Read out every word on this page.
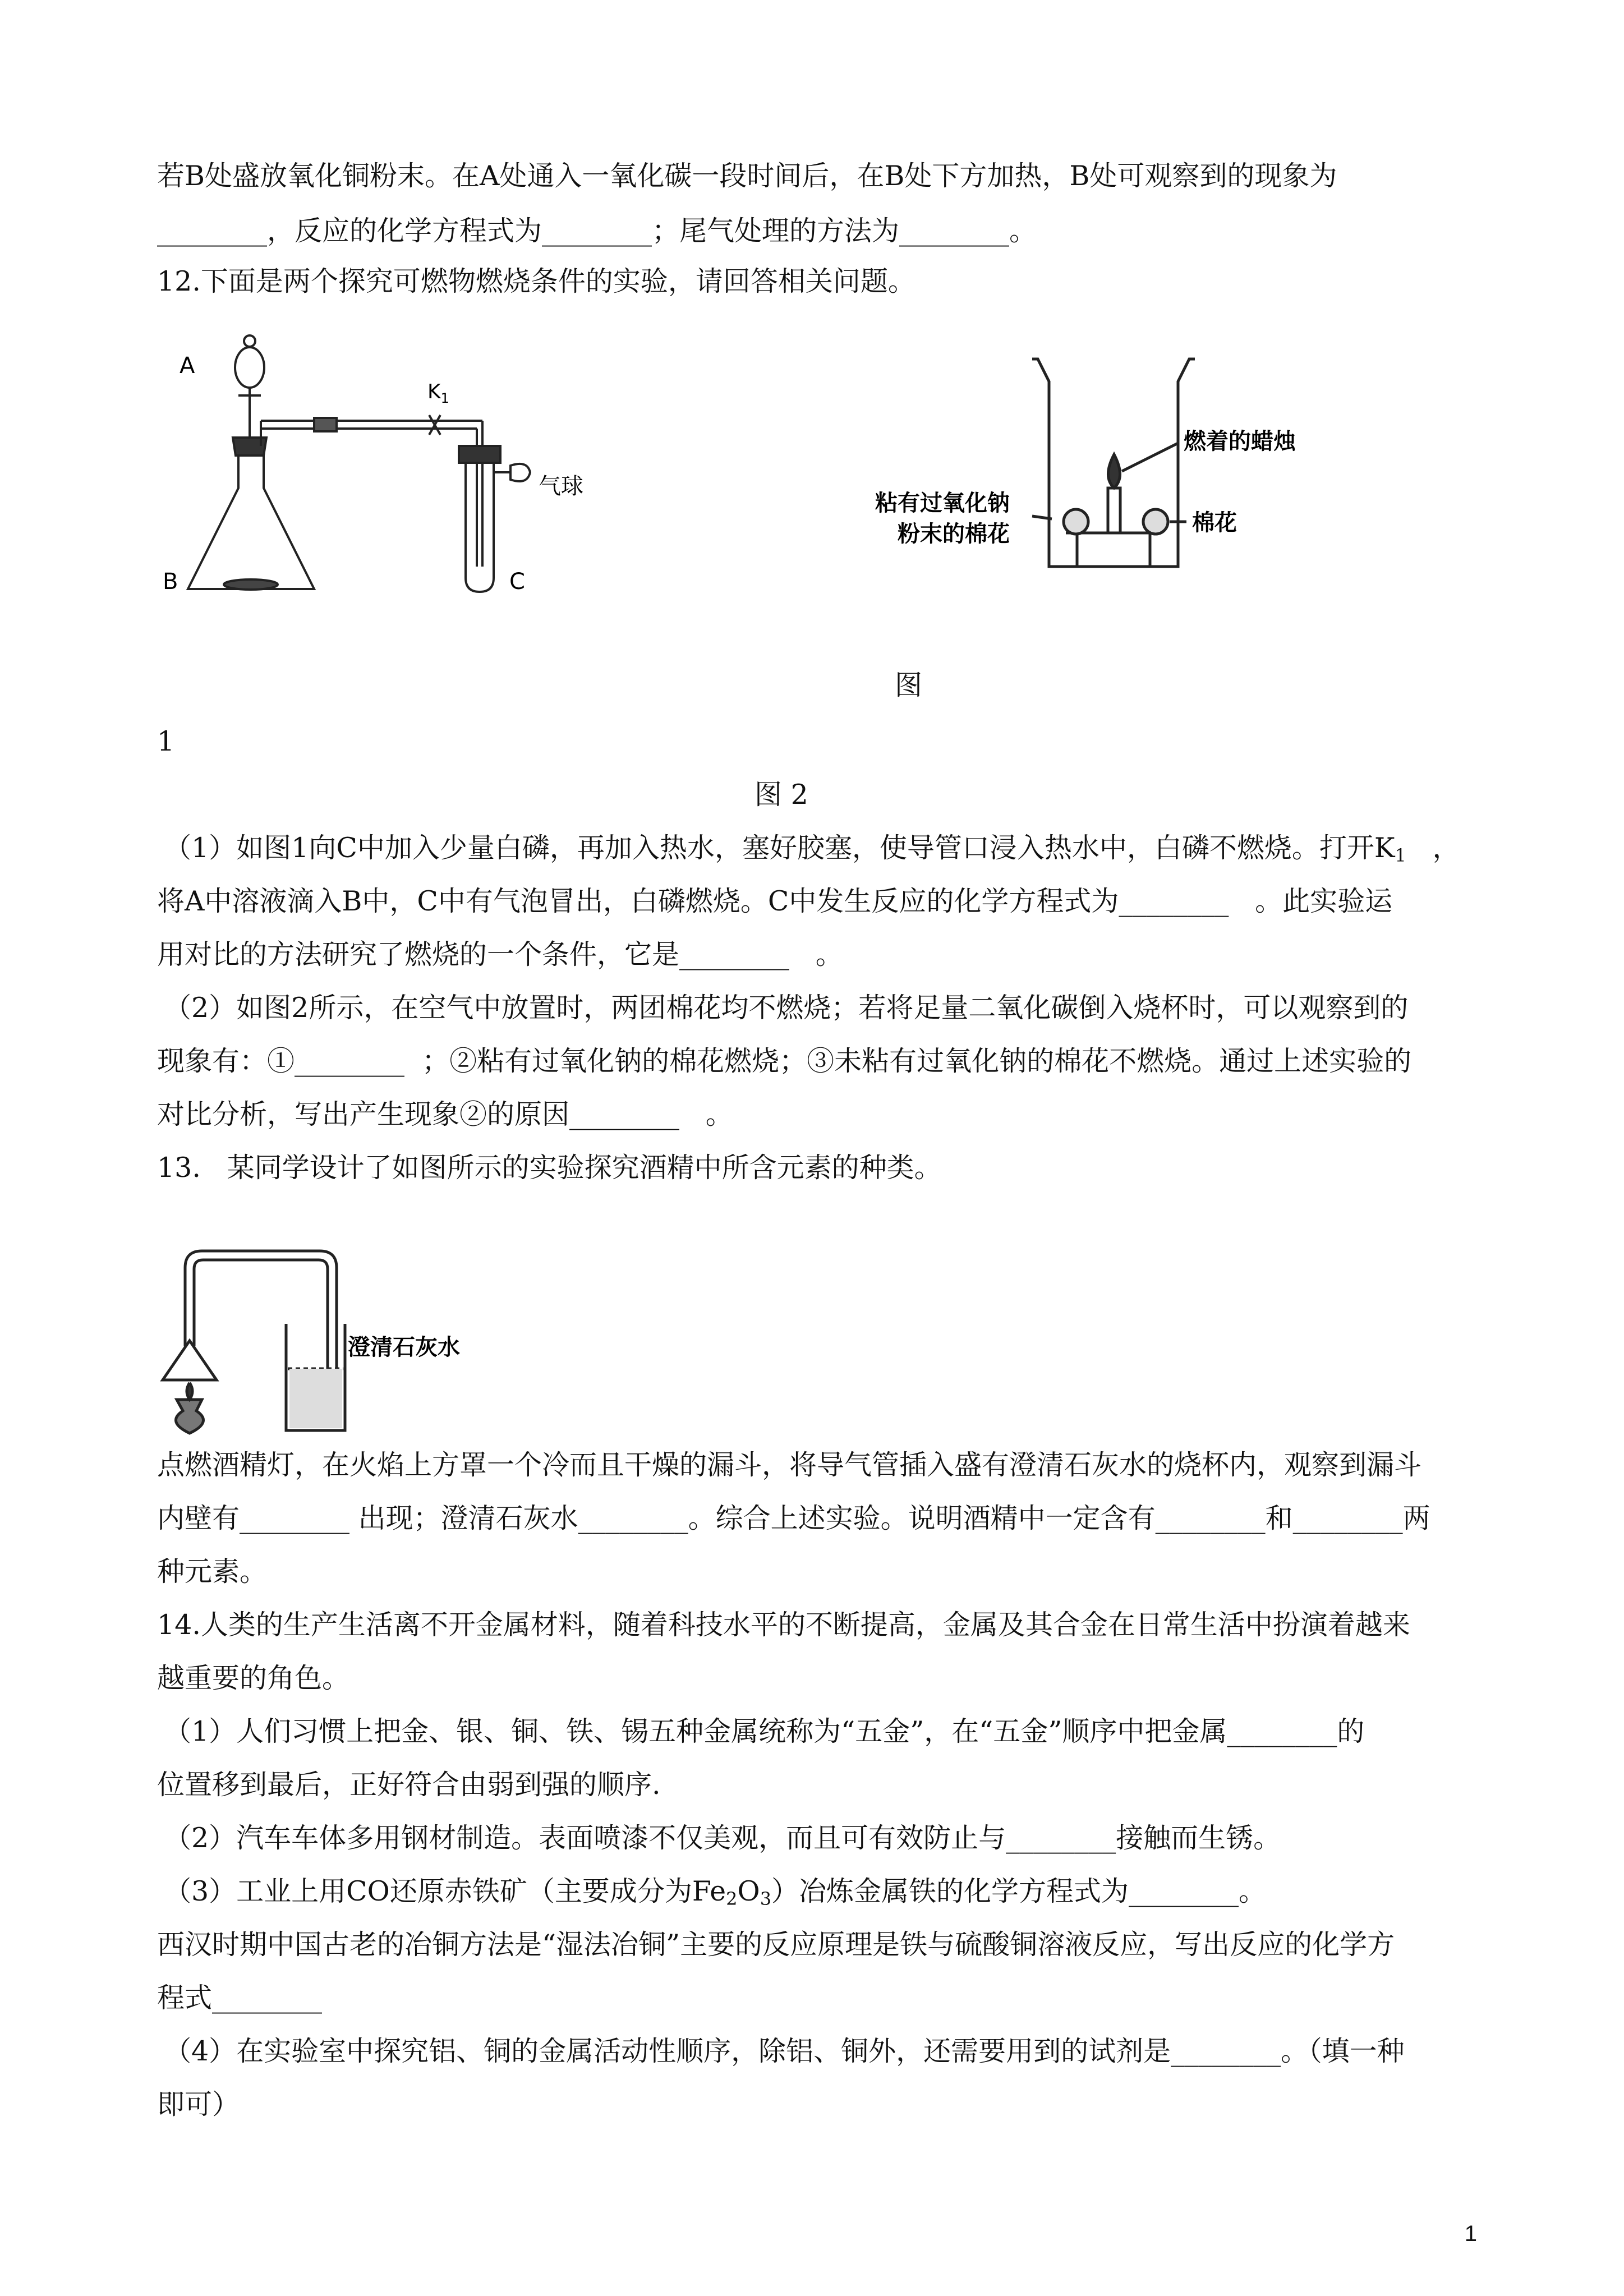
若B处盛放氧化铜粉末。在A处通入一氧化碳一段时间后，在B处下方加热，B处可观察到的现象为
________，反应的化学方程式为________；尾气处理的方法为________。
12.下面是两个探究可燃物燃烧条件的实验，请回答相关问题。
A
B	C
$K_1$
气球
燃着的蜡烛
粘有过氧化钠
粉末的棉花	棉花
图
1
图 2
（1）如图1向C中加入少量白磷，再加入热水，塞好胶塞，使导管口浸入热水中，白磷不燃烧。打开$K_1$   ，
将A中溶液滴入B中，C中有气泡冒出，白磷燃烧。C中发生反应的化学方程式为________   。此实验运
用对比的方法研究了燃烧的一个条件，它是________   。
（2）如图2所示，在空气中放置时，两团棉花均不燃烧；若将足量二氧化碳倒入烧杯时，可以观察到的
现象有：①________  ；②粘有过氧化钠的棉花燃烧；③未粘有过氧化钠的棉花不燃烧。通过上述实验的
对比分析，写出产生现象②的原因________   。
13.   某同学设计了如图所示的实验探究酒精中所含元素的种类。
澄清石灰水
点燃酒精灯，在火焰上方罩一个冷而且干燥的漏斗，将导气管插入盛有澄清石灰水的烧杯内，观察到漏斗
内壁有________ 出现；澄清石灰水________。综合上述实验。说明酒精中一定含有________和________两
种元素。
14.人类的生产生活离不开金属材料，随着科技水平的不断提高，金属及其合金在日常生活中扮演着越来
越重要的角色。
（1）人们习惯上把金、银、铜、铁、锡五种金属统称为“五金”，在“五金”顺序中把金属________的
位置移到最后，正好符合由弱到强的顺序.
（2）汽车车体多用钢材制造。表面喷漆不仅美观，而且可有效防止与________接触而生锈。
（3）工业上用CO还原赤铁矿（主要成分为$Fe_2O_3$）冶炼金属铁的化学方程式为________。
西汉时期中国古老的冶铜方法是“湿法冶铜”主要的反应原理是铁与硫酸铜溶液反应，写出反应的化学方
程式________
（4）在实验室中探究铝、铜的金属活动性顺序，除铝、铜外，还需要用到的试剂是________。（填一种
即可）
1
